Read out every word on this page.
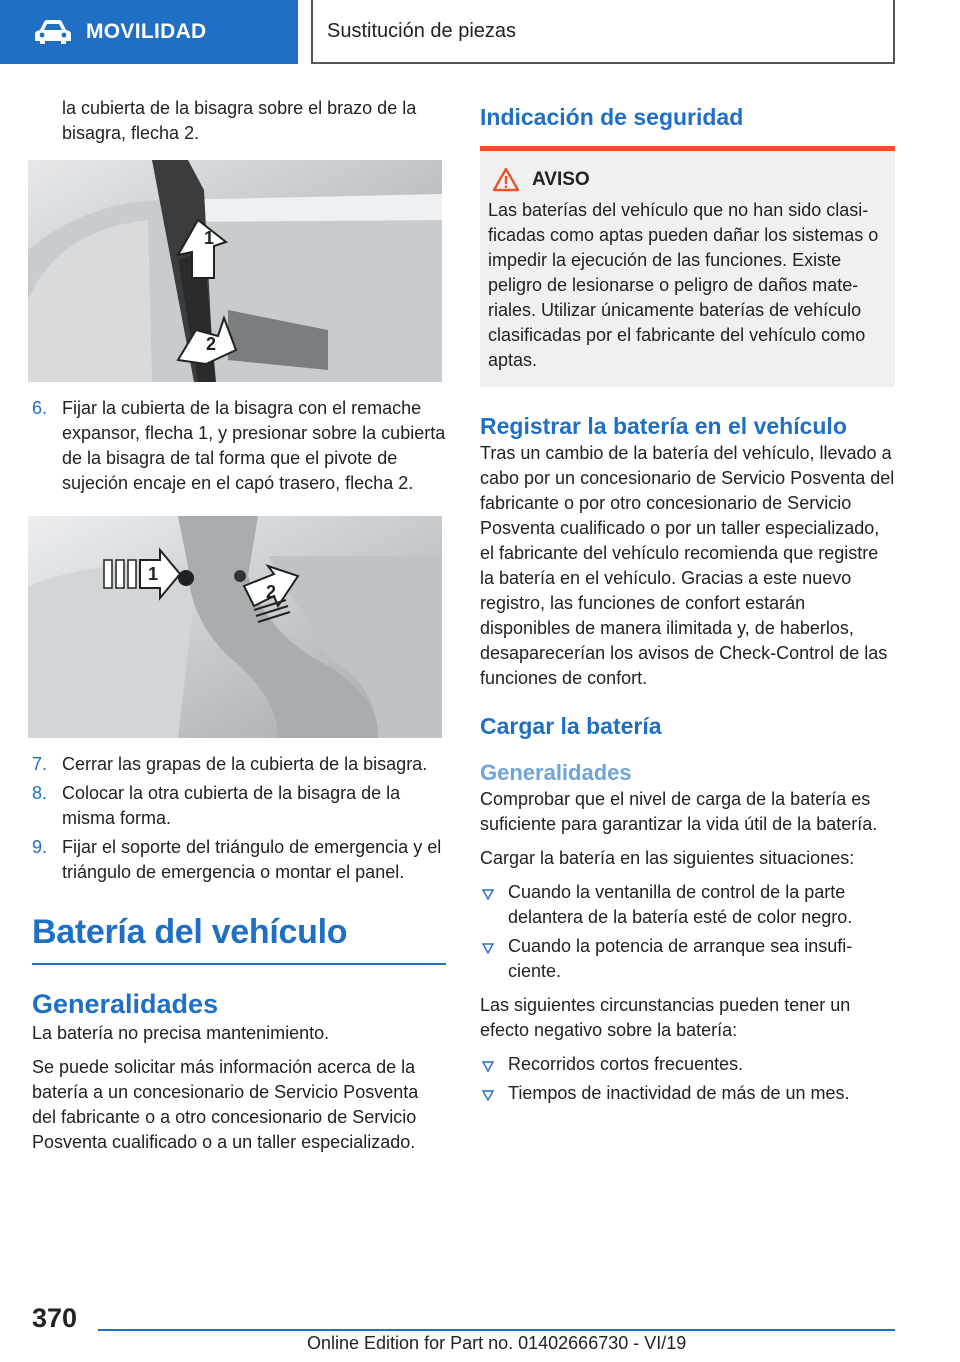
MOVILIDAD	Sustitución de piezas

la cubierta de la bisagra sobre el brazo de la bisagra, flecha 2.

1
2
6. Fijar la cubierta de la bisagra con el remache expansor, flecha 1, y presionar sobre la cubierta de la bisagra de tal forma que el pivote de sujeción encaje en el capó trasero, flecha 2.
1
2
7. Cerrar las grapas de la cubierta de la bisagra.
8. Colocar la otra cubierta de la bisagra de la misma forma.
9. Fijar el soporte del triángulo de emergencia y el triángulo de emergencia o montar el panel.
Batería del vehículo
Generalidades

La batería no precisa mantenimiento.

Se puede solicitar más información acerca de la batería a un concesionario de Servicio Posventa del fabricante o a otro concesionario de Servicio Posventa cualificado o a un taller especializado.

Indicación de seguridad
AVISO
Las baterías del vehículo que no han sido clasificadas como aptas pueden dañar los sistemas o impedir la ejecución de las funciones. Existe peligro de lesionarse o peligro de daños materiales. Utilizar únicamente baterías de vehículo clasificadas por el fabricante del vehículo como aptas.
Registrar la batería en el vehículo

Tras un cambio de la batería del vehículo, llevado a cabo por un concesionario de Servicio Posventa del fabricante o por otro concesionario de Servicio Posventa cualificado o por un taller especializado, el fabricante del vehículo recomienda que registre la batería en el vehículo. Gracias a este nuevo registro, las funciones de confort estarán disponibles de manera ilimitada y, de haberlos, desaparecerían los avisos de Check-Control de las funciones de confort.

Cargar la batería
Generalidades

Comprobar que el nivel de carga de la batería es suficiente para garantizar la vida útil de la batería.

Cargar la batería en las siguientes situaciones:

Cuando la ventanilla de control de la parte delantera de la batería esté de color negro.
Cuando la potencia de arranque sea insuficiente.

Las siguientes circunstancias pueden tener un efecto negativo sobre la batería:

Recorridos cortos frecuentes.
Tiempos de inactividad de más de un mes.
370
Online Edition for Part no. 01402666730 - VI/19
